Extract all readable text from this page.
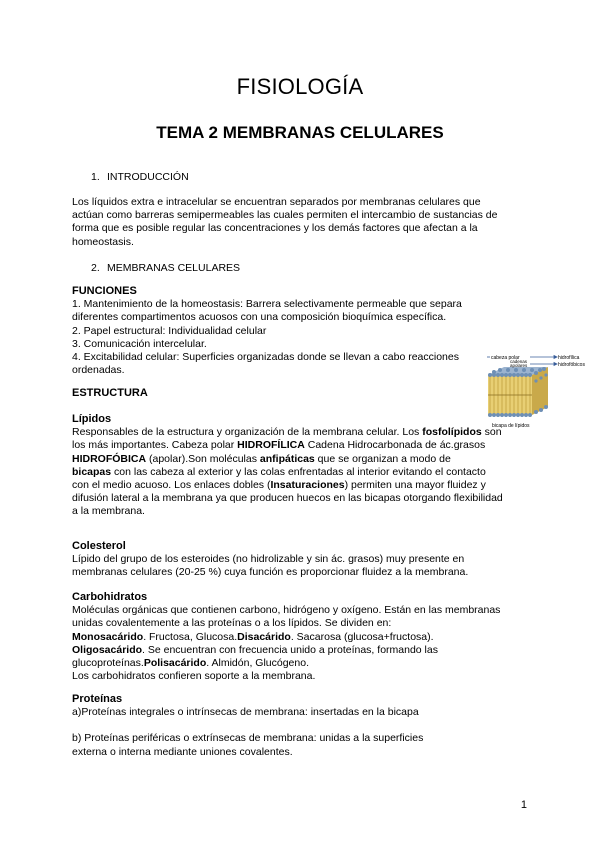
FISIOLOGÍA
TEMA 2 MEMBRANAS CELULARES
1. INTRODUCCIÓN
Los líquidos extra e intracelular se encuentran separados por membranas celulares que
actúan como barreras semipermeables las cuales permiten el intercambio de sustancias de
forma que es posible regular las concentraciones y los demás factores que afectan a la
homeostasis.
2. MEMBRANAS CELULARES
FUNCIONES
1. Mantenimiento de la homeostasis: Barrera selectivamente permeable que separa
diferentes compartimentos acuosos con una composición bioquímica específica.
2. Papel estructural: Individualidad celular
3. Comunicación intercelular.
4. Excitabilidad celular: Superficies organizadas donde se llevan a cabo reacciones
ordenadas.
ESTRUCTURA
cabeza polar	hidrofílica
cadenas
apolares	hidrofóbicos
bicapa de lípidos
Lípidos
Responsables de la estructura y organización de la membrana celular. Los fosfolípidos son
los más importantes. Cabeza polar HIDROFÍLICA Cadena Hidrocarbonada de ác.grasos
HIDROFÓBICA (apolar).Son moléculas anfipáticas que se organizan a modo de
bicapas con las cabeza al exterior y las colas enfrentadas al interior evitando el contacto
con el medio acuoso. Los enlaces dobles (Insaturaciones) permiten una mayor fluidez y
difusión lateral a la membrana ya que producen huecos en las bicapas otorgando flexibilidad
a la membrana.
Colesterol
Lípido del grupo de los esteroides (no hidrolizable y sin ác. grasos) muy presente en
membranas celulares (20-25 %) cuya función es proporcionar fluidez a la membrana.
Carbohidratos
Moléculas orgánicas que contienen carbono, hidrógeno y oxígeno. Están en las membranas
unidas covalentemente a las proteínas o a los lípidos. Se dividen en:
Monosacárido. Fructosa, Glucosa.Disacárido. Sacarosa (glucosa+fructosa).
Oligosacárido. Se encuentran con frecuencia unido a proteínas, formando las
glucoproteínas.Polisacárido. Almidón, Glucógeno.
Los carbohidratos confieren soporte a la membrana.
Proteínas
a)Proteínas integrales o intrínsecas de membrana: insertadas en la bicapa
b) Proteínas periféricas o extrínsecas de membrana: unidas a la superficies
externa o interna mediante uniones covalentes.
1
